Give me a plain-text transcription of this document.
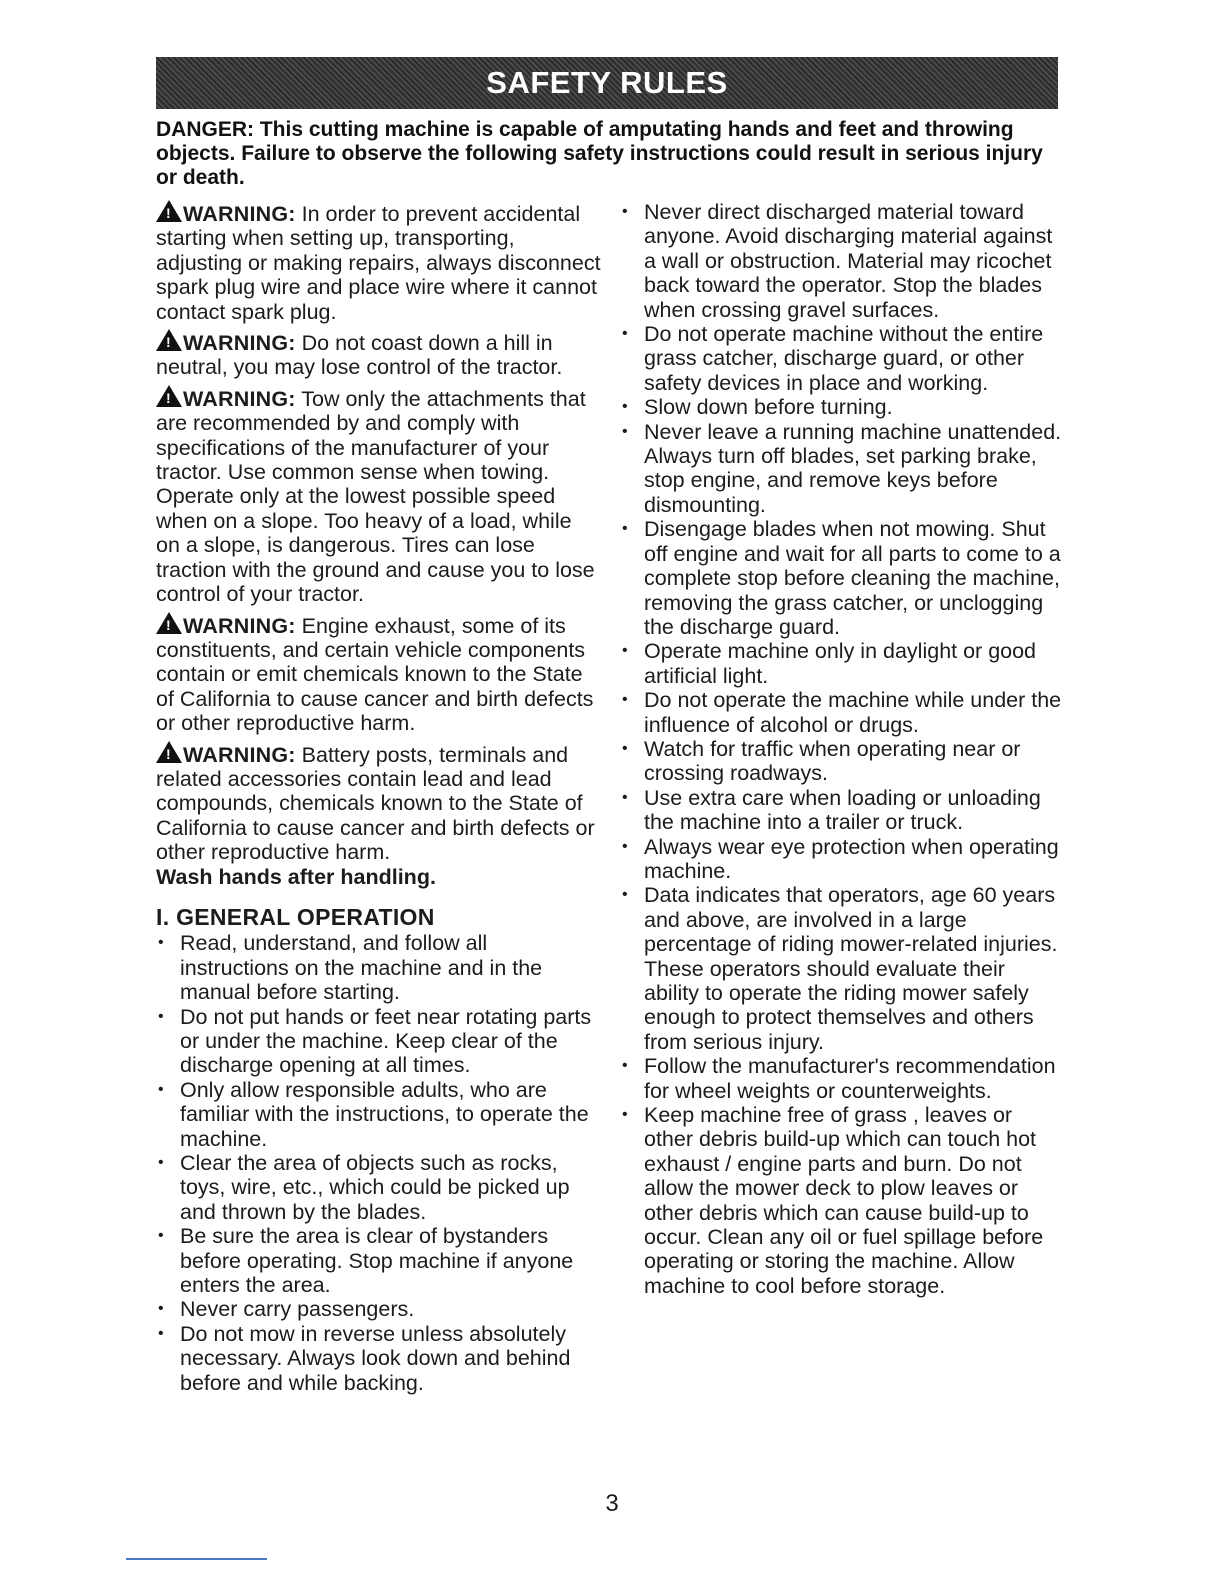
SAFETY RULES
DANGER: This cutting machine is capable of amputating hands and feet and throwing objects. Failure to observe the following safety instructions could result in serious injury or death.

!WARNING: In order to prevent accidental starting when setting up, transporting, adjusting or making repairs, always disconnect spark plug wire and place wire where it cannot contact spark plug.

!WARNING: Do not coast down a hill in neutral, you may lose control of the tractor.

!WARNING: Tow only the attachments that are recommended by and comply with specifications of the manufacturer of your tractor. Use common sense when towing. Operate only at the lowest possible speed when on a slope. Too heavy of a load, while on a slope, is dangerous. Tires can lose traction with the ground and cause you to lose control of your tractor.

!WARNING: Engine exhaust, some of its constituents, and certain vehicle components contain or emit chemicals known to the State of California to cause cancer and birth defects or other reproductive harm.

!WARNING: Battery posts, terminals and related accessories contain lead and lead compounds, chemicals known to the State of California to cause cancer and birth defects or other reproductive harm.
Wash hands after handling.

I. GENERAL OPERATION
• Read, understand, and follow all instructions on the machine and in the manual before starting.
• Do not put hands or feet near rotating parts or under the machine. Keep clear of the discharge opening at all times.
• Only allow responsible adults, who are familiar with the instructions, to operate the machine.
• Clear the area of objects such as rocks, toys, wire, etc., which could be picked up and thrown by the blades.
• Be sure the area is clear of bystanders before operating. Stop machine if anyone enters the area.
• Never carry passengers.
• Do not mow in reverse unless absolutely necessary. Always look down and behind before and while backing.
• Never direct discharged material toward anyone. Avoid discharging material against a wall or obstruction. Material may ricochet back toward the operator. Stop the blades when crossing gravel surfaces.
• Do not operate machine without the entire grass catcher, discharge guard, or other safety devices in place and working.
• Slow down before turning.
• Never leave a running machine unattended. Always turn off blades, set parking brake, stop engine, and remove keys before dismounting.
• Disengage blades when not mowing. Shut off engine and wait for all parts to come to a complete stop before cleaning the machine, removing the grass catcher, or unclogging the discharge guard.
• Operate machine only in daylight or good artificial light.
• Do not operate the machine while under the influence of alcohol or drugs.
• Watch for traffic when operating near or crossing roadways.
• Use extra care when loading or unloading the machine into a trailer or truck.
• Always wear eye protection when operating machine.
• Data indicates that operators, age 60 years and above, are involved in a large percentage of riding mower-related injuries. These operators should evaluate their ability to operate the riding mower safely enough to protect themselves and others from serious injury.
• Follow the manufacturer's recommendation for wheel weights or counterweights.
• Keep machine free of grass , leaves or other debris build-up which can touch hot exhaust / engine parts and burn. Do not allow the mower deck to plow leaves or other debris which can cause build-up to occur. Clean any oil or fuel spillage before operating or storing the machine. Allow machine to cool before storage.
3
